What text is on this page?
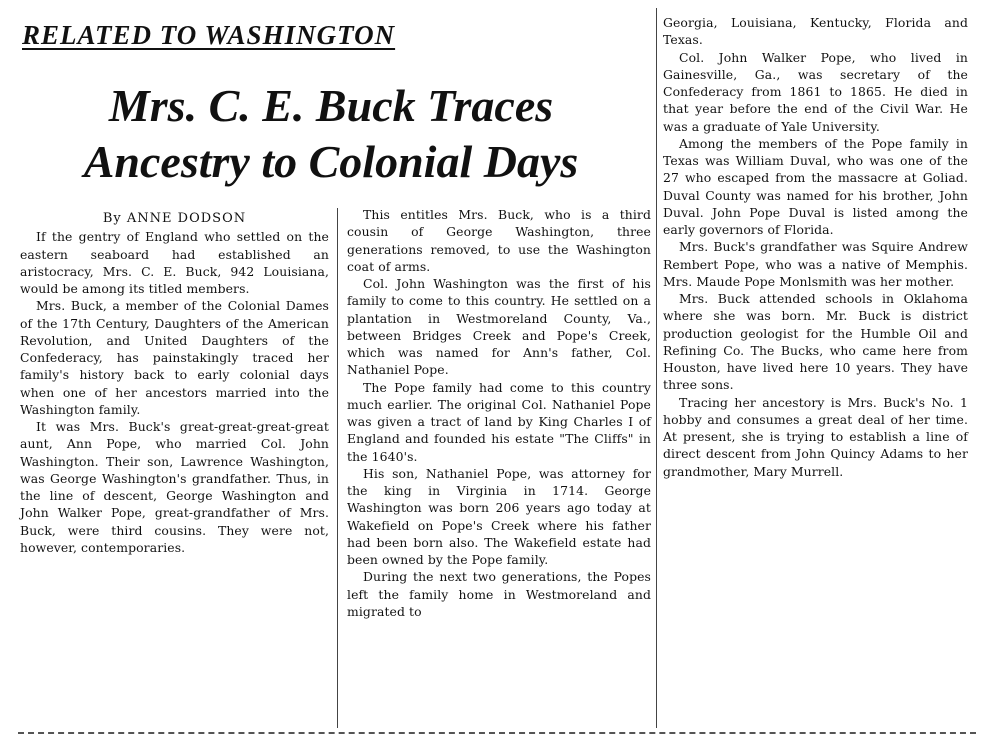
RELATED TO WASHINGTON
Mrs. C. E. Buck Traces
Ancestry to Colonial Days

By ANNE DODSON

If the gentry of England who settled on the eastern seaboard had established an aristocracy, Mrs. C. E. Buck, 942 Louisiana, would be among its titled members.

Mrs. Buck, a member of the Colonial Dames of the 17th Century, Daughters of the American Revolution, and United Daughters of the Confederacy, has painstakingly traced her family's history back to early colonial days when one of her ancestors married into the Washington family.

It was Mrs. Buck's great-great-great-great aunt, Ann Pope, who married Col. John Washington. Their son, Lawrence Washington, was George Washington's grandfather. Thus, in the line of descent, George Washington and John Walker Pope, great-grandfather of Mrs. Buck, were third cousins. They were not, however, contemporaries.

This entitles Mrs. Buck, who is a third cousin of George Washington, three generations removed, to use the Washington coat of arms.

Col. John Washington was the first of his family to come to this country. He settled on a plantation in Westmoreland County, Va., between Bridges Creek and Pope's Creek, which was named for Ann's father, Col. Nathaniel Pope.

The Pope family had come to this country much earlier. The original Col. Nathaniel Pope was given a tract of land by King Charles I of England and founded his estate "The Cliffs" in the 1640's.

His son, Nathaniel Pope, was attorney for the king in Virginia in 1714. George Washington was born 206 years ago today at Wakefield on Pope's Creek where his father had been born also. The Wakefield estate had been owned by the Pope family.

During the next two generations, the Popes left the family home in Westmoreland and migrated to

Georgia, Louisiana, Kentucky, Florida and Texas.

Col. John Walker Pope, who lived in Gainesville, Ga., was secretary of the Confederacy from 1861 to 1865. He died in that year before the end of the Civil War. He was a graduate of Yale University.

Among the members of the Pope family in Texas was William Duval, who was one of the 27 who escaped from the massacre at Goliad. Duval County was named for his brother, John Duval. John Pope Duval is listed among the early governors of Florida.

Mrs. Buck's grandfather was Squire Andrew Rembert Pope, who was a native of Memphis. Mrs. Maude Pope Monlsmith was her mother.

Mrs. Buck attended schools in Oklahoma where she was born. Mr. Buck is district production geologist for the Humble Oil and Refining Co. The Bucks, who came here from Houston, have lived here 10 years. They have three sons.

Tracing her ancestory is Mrs. Buck's No. 1 hobby and consumes a great deal of her time. At present, she is trying to establish a line of direct descent from John Quincy Adams to her grandmother, Mary Murrell.
